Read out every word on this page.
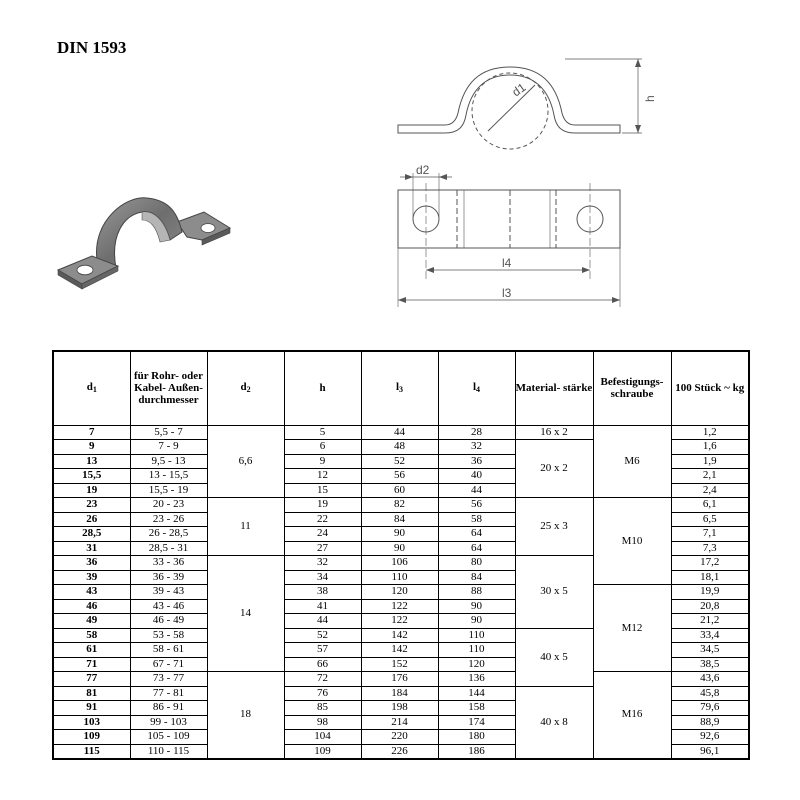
DIN 1593
d1	h
d2
l4
l3
$d_1$	für Rohr- oder Kabel- Außen- durchmesser	$d_2$	h	$l_3$	$l_4$	Material- stärke	Befestigungs- schraube	100 Stück ~ kg
7	5,5 - 7	6,6	5	44	28	16 x 2	M6	1,2
9	7 - 9		6	48	32	20 x 2		1,6
13	9,5 - 13		9	52	36			1,9
15,5	13 - 15,5		12	56	40			2,1
19	15,5 - 19		15	60	44			2,4
23	20 - 23	11	19	82	56	25 x 3	M10	6,1
26	23 - 26		22	84	58			6,5
28,5	26 - 28,5		24	90	64			7,1
31	28,5 - 31		27	90	64			7,3
36	33 - 36	14	32	106	80	30 x 5		17,2
39	36 - 39		34	110	84			18,1
43	39 - 43		38	120	88		M12	19,9
46	43 - 46		41	122	90			20,8
49	46 - 49		44	122	90			21,2
58	53 - 58		52	142	110	40 x 5		33,4
61	58 - 61		57	142	110			34,5
71	67 - 71		66	152	120			38,5
77	73 - 77	18	72	176	136		M16	43,6
81	77 - 81		76	184	144	40 x 8		45,8
91	86 - 91		85	198	158			79,6
103	99 - 103		98	214	174			88,9
109	105 - 109		104	220	180			92,6
115	110 - 115		109	226	186			96,1
